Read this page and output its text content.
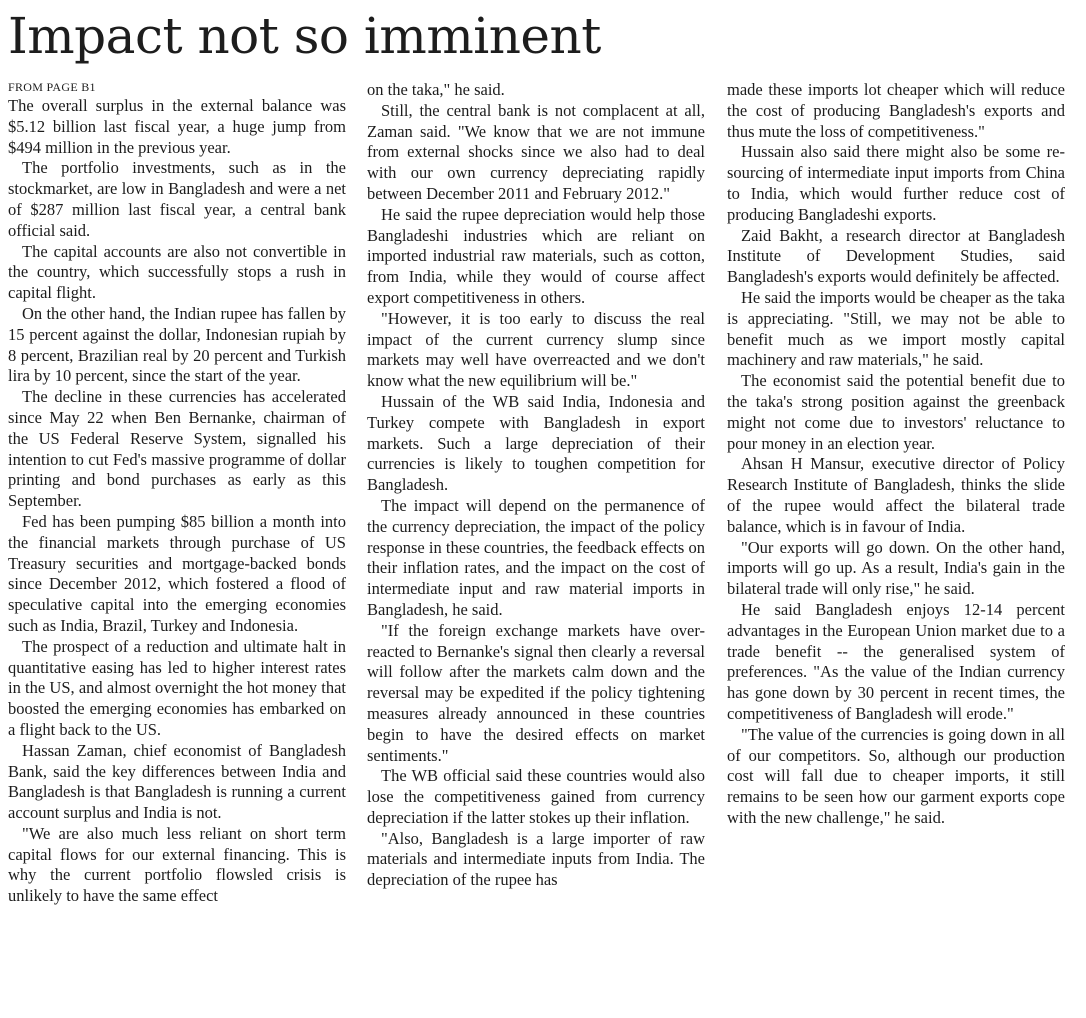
Impact not so imminent
FROM PAGE B1

The overall surplus in the external balance was $5.12 billion last fiscal year, a huge jump from $494 million in the previous year.

The portfolio investments, such as in the stockmarket, are low in Bangladesh and were a net of $287 million last fiscal year, a central bank official said.

The capital accounts are also not convertible in the country, which successfully stops a rush in capital flight.

On the other hand, the Indian rupee has fallen by 15 percent against the dollar, Indonesian rupiah by 8 percent, Brazilian real by 20 percent and Turkish lira by 10 percent, since the start of the year.

The decline in these currencies has accelerated since May 22 when Ben Bernanke, chairman of the US Federal Reserve System, signalled his intention to cut Fed's massive programme of dollar printing and bond purchases as early as this September.

Fed has been pumping $85 billion a month into the financial markets through purchase of US Treasury securities and mortgage-backed bonds since December 2012, which fostered a flood of speculative capital into the emerging economies such as India, Brazil, Turkey and Indonesia.

The prospect of a reduction and ultimate halt in quantitative easing has led to higher interest rates in the US, and almost overnight the hot money that boosted the emerging economies has embarked on a flight back to the US.

Hassan Zaman, chief economist of Bangladesh Bank, said the key differences between India and Bangladesh is that Bangladesh is running a current account surplus and India is not.

"We are also much less reliant on short term capital flows for our external financing. This is why the current portfolio flowsled crisis is unlikely to have the same effect

on the taka," he said.

Still, the central bank is not complacent at all, Zaman said. "We know that we are not immune from external shocks since we also had to deal with our own currency depreciating rapidly between December 2011 and February 2012."

He said the rupee depreciation would help those Bangladeshi industries which are reliant on imported industrial raw materials, such as cotton, from India, while they would of course affect export competitiveness in others.

"However, it is too early to discuss the real impact of the current currency slump since markets may well have overreacted and we don't know what the new equilibrium will be."

Hussain of the WB said India, Indonesia and Turkey compete with Bangladesh in export markets. Such a large depreciation of their currencies is likely to toughen competition for Bangladesh.

The impact will depend on the permanence of the currency depreciation, the impact of the policy response in these countries, the feedback effects on their inflation rates, and the impact on the cost of intermediate input and raw material imports in Bangladesh, he said.

"If the foreign exchange markets have over-reacted to Bernanke's signal then clearly a reversal will follow after the markets calm down and the reversal may be expedited if the policy tightening measures already announced in these countries begin to have the desired effects on market sentiments."

The WB official said these countries would also lose the competitiveness gained from currency depreciation if the latter stokes up their inflation.

"Also, Bangladesh is a large importer of raw materials and intermediate inputs from India. The depreciation of the rupee has

made these imports lot cheaper which will reduce the cost of producing Bangladesh's exports and thus mute the loss of competitiveness."

Hussain also said there might also be some re-sourcing of intermediate input imports from China to India, which would further reduce cost of producing Bangladeshi exports.

Zaid Bakht, a research director at Bangladesh Institute of Development Studies, said Bangladesh's exports would definitely be affected.

He said the imports would be cheaper as the taka is appreciating. "Still, we may not be able to benefit much as we import mostly capital machinery and raw materials," he said.

The economist said the potential benefit due to the taka's strong position against the greenback might not come due to investors' reluctance to pour money in an election year.

Ahsan H Mansur, executive director of Policy Research Institute of Bangladesh, thinks the slide of the rupee would affect the bilateral trade balance, which is in favour of India.

"Our exports will go down. On the other hand, imports will go up. As a result, India's gain in the bilateral trade will only rise," he said.

He said Bangladesh enjoys 12-14 percent advantages in the European Union market due to a trade benefit -- the generalised system of preferences. "As the value of the Indian currency has gone down by 30 percent in recent times, the competitiveness of Bangladesh will erode."

"The value of the currencies is going down in all of our competitors. So, although our production cost will fall due to cheaper imports, it still remains to be seen how our garment exports cope with the new challenge," he said.
